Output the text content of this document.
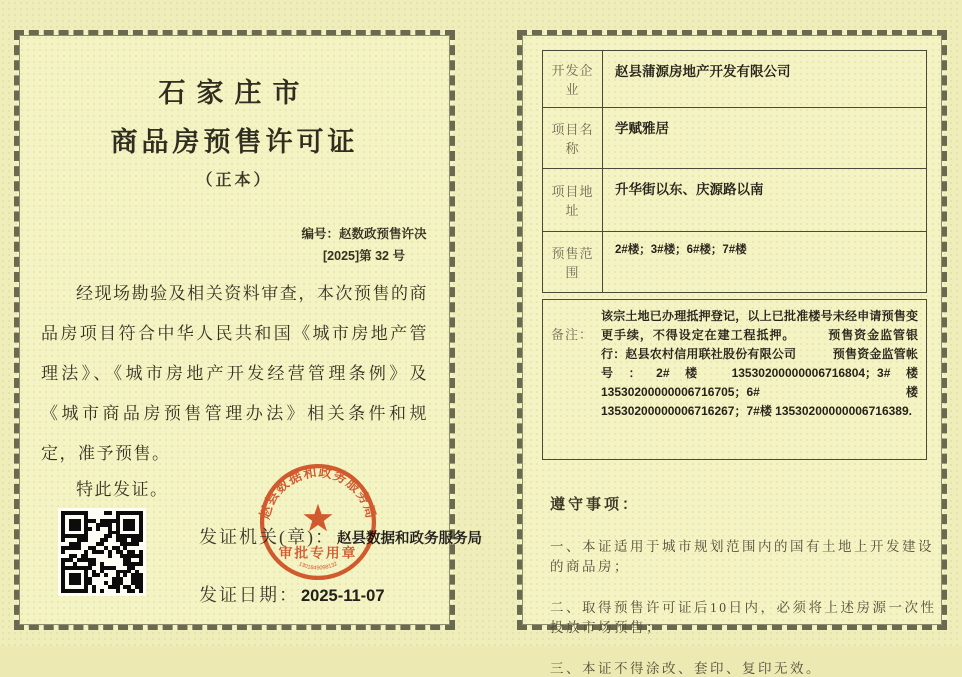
石家庄市
商品房预售许可证
（正本）
编号：赵数政预售许决[2025]第 32 号

经现场勘验及相关资料审查，本次预售的商品房项目符合中华人民共和国《城市房地产管理法》、《城市房地产开发经营管理条例》及《城市商品房预售管理办法》相关条件和规定，准予预售。

特此发证。

发证机关(章)： 赵县数据和政务服务局
发证日期： 2025-11-07
赵县数据和政务服务局
审批专用章
1301849098132
开发企业	赵县蒲源房地产开发有限公司
项目名称	学赋雅居
项目地址	升华街以东、庆源路以南
预售范围	2#楼；3#楼；6#楼；7#楼
备注：
该宗土地已办理抵押登记，以上已批准楼号未经申请预售变更手续，不得设定在建工程抵押。　　　预售资金监管银行：赵县农村信用联社股份有限公司　　　预售资金监管帐号：2#楼 13530200000006716804；3#楼 13530200000006716705；6#楼 13530200000006716267；7#楼 13530200000006716389.
遵守事项：
一、本证适用于城市规划范围内的国有土地上开发建设的商品房；
二、取得预售许可证后10日内，必须将上述房源一次性投放市场预售；
三、本证不得涂改、套印、复印无效。
